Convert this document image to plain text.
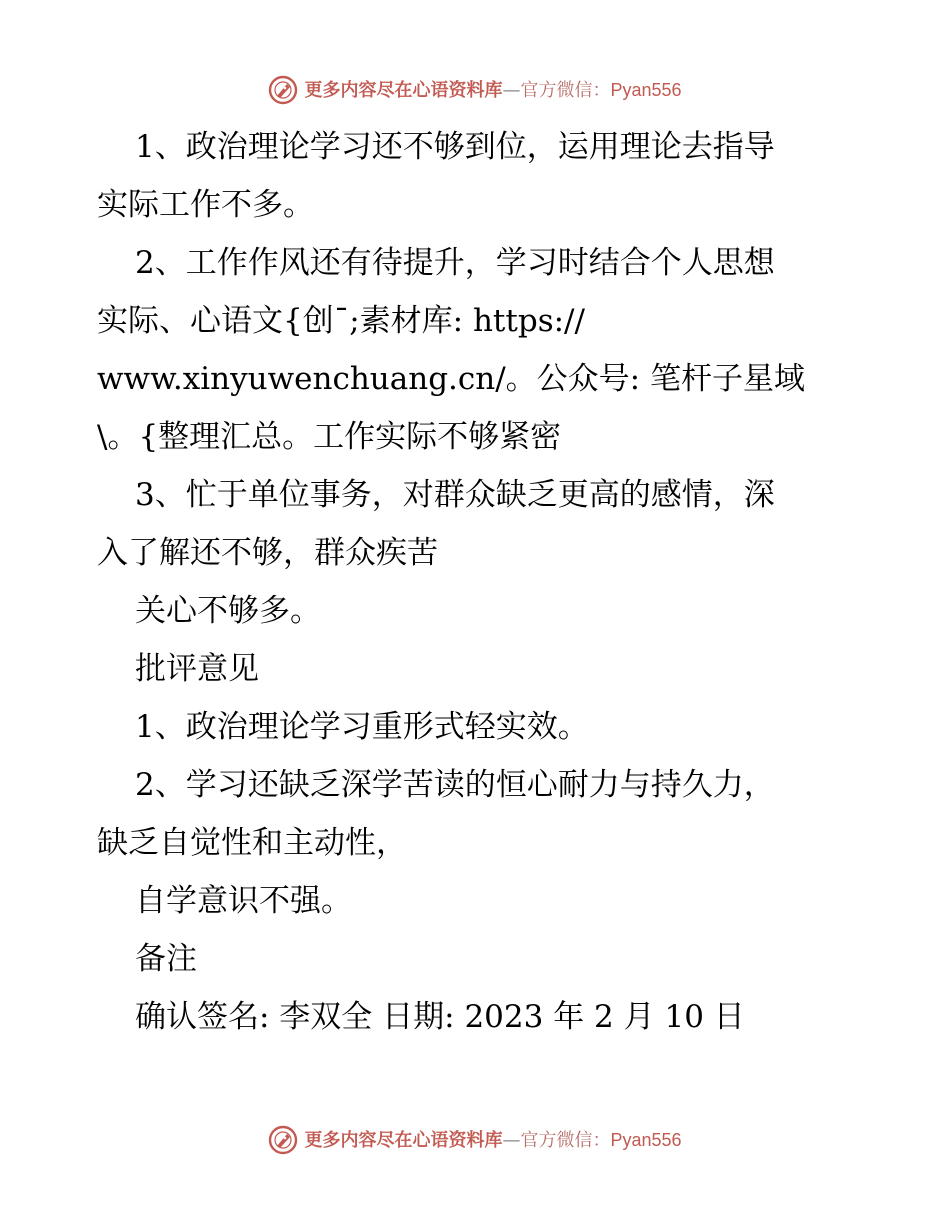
更多内容尽在心语资料库—官方微信：Pyan556

1、政治理论学习还不够到位，运用理论去指导
实际工作不多。

2、工作作风还有待提升，学习时结合个人思想
实际、心语文{创¯;素材库: https://
www.xinyuwenchuang.cn/。公众号: 笔杆子星域
\。{整理汇总。工作实际不够紧密

3、忙于单位事务，对群众缺乏更高的感情，深
入了解还不够，群众疾苦
关心不够多。

批评意见

1、政治理论学习重形式轻实效。

2、学习还缺乏深学苦读的恒心耐力与持久力，
缺乏自觉性和主动性，
自学意识不强。

备注

确认签名: 李双全 日期: 2023 年 2 月 10 日
更多内容尽在心语资料库—官方微信：Pyan556
